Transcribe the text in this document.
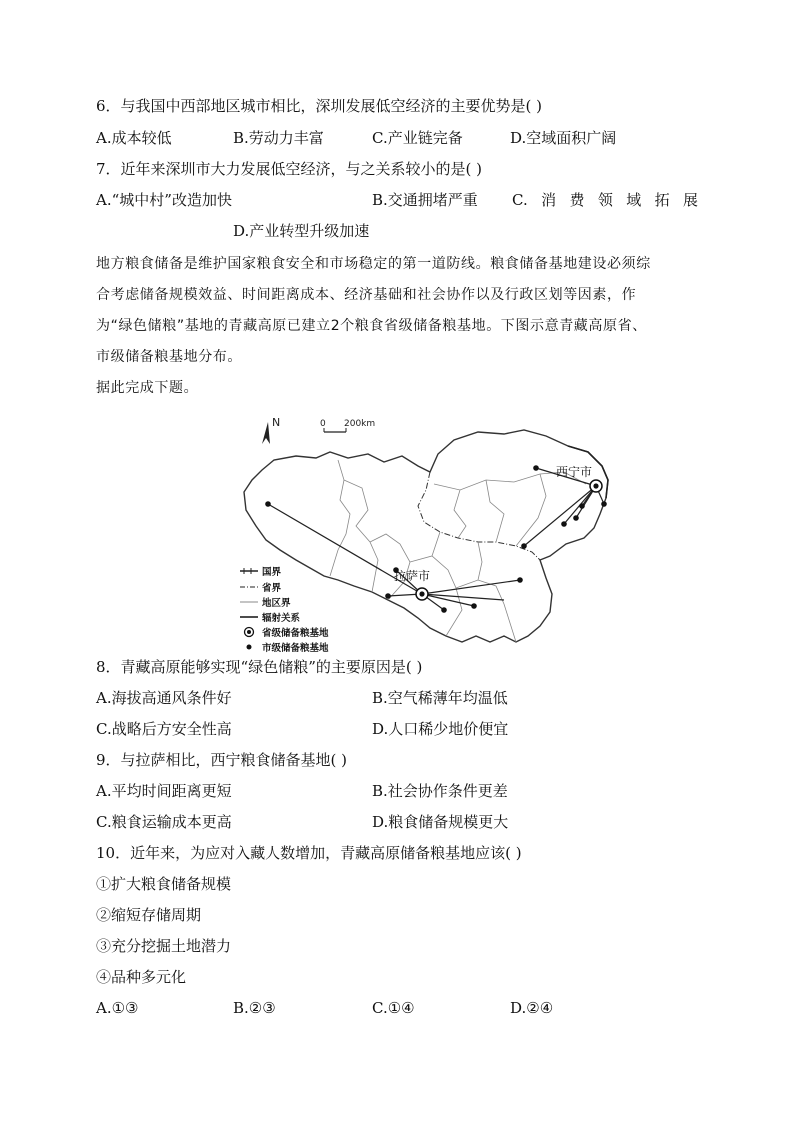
6．与我国中西部地区城市相比，深圳发展低空经济的主要优势是( )
A.成本较低	B.劳动力丰富	C.产业链完备	D.空域面积广阔
7．近年来深圳市大力发展低空经济，与之关系较小的是( )
A.“城中村”改造加快	B.交通拥堵严重 C. 消 费 领 域 拓 展
D.产业转型升级加速
地方粮食储备是维护国家粮食安全和市场稳定的第一道防线。粮食储备基地建设必须综
合考虑储备规模效益、时间距离成本、经济基础和社会协作以及行政区划等因素，作
为“绿色储粮”基地的青藏高原已建立2个粮食省级储备粮基地。下图示意青藏高原省、
市级储备粮基地分布。
据此完成下题。
N	0 200km
西宁市
拉萨市
国界
省界
地区界
辐射关系
省级储备粮基地
市级储备粮基地
8．青藏高原能够实现“绿色储粮”的主要原因是( )
A.海拔高通风条件好	B.空气稀薄年均温低
C.战略后方安全性高	D.人口稀少地价便宜
9．与拉萨相比，西宁粮食储备基地( )
A.平均时间距离更短	B.社会协作条件更差
C.粮食运输成本更高	D.粮食储备规模更大
10．近年来，为应对入藏人数增加，青藏高原储备粮基地应该( )
①扩大粮食储备规模
②缩短存储周期
③充分挖掘土地潜力
④品种多元化
A.①③	B.②③	C.①④	D.②④
